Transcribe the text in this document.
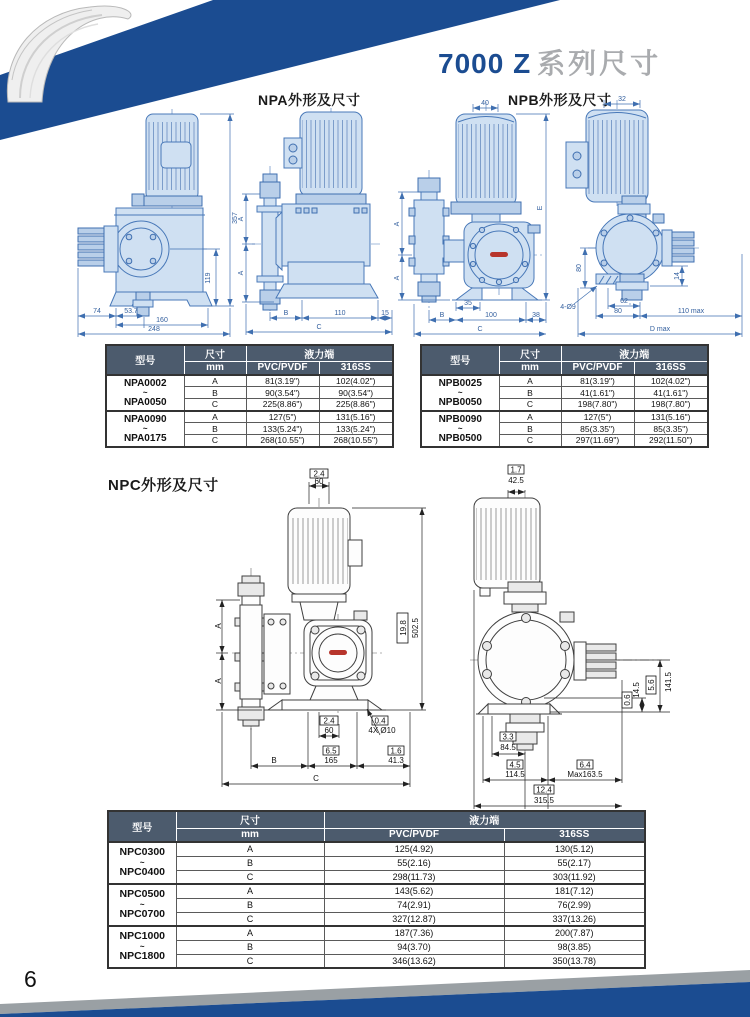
7000 Z 系列尺寸
NPA外形及尺寸	NPB外形及尺寸
NPC外形及尺寸
357
119
74	53.7
160
248
A
A
B	110	15
C
40
A
A
E
35
B	100	38
C
32
80
4-Ø9
14
62
80	110 max
D max
2.4
60
19.8 502.5
A
A
2.4
60
0.4
4X Ø10
B
6.5
165
1.6
41.3
C
1.7
42.5
0.6
14.5 5.6 141.5
3.3
84.5
4.5
114.5
6.4
Max163.5
12.4
315.5
型号	尺寸	液力端	
	mm	PVC/PVDF	316SS

NPA0002
~
NPA0050	A	81(3.19")	102(4.02")
	B	90(3.54")	90(3.54")
	C	225(8.86")	225(8.86")

NPA0090
~
NPA0175	A	127(5")	131(5.16")
	B	133(5.24")	133(5.24")
	C	268(10.55")	268(10.55")
型号	尺寸	液力端	
	mm	PVC/PVDF	316SS

NPB0025
~
NPB0050	A	81(3.19")	102(4.02")
	B	41(1.61")	41(1.61")
	C	198(7.80")	198(7.80")

NPB0090
~
NPB0500	A	127(5")	131(5.16")
	B	85(3.35")	85(3.35")
	C	297(11.69")	292(11.50")
型号	尺寸	液力端	
	mm	PVC/PVDF	316SS

NPC0300
~
NPC0400	A	125(4.92)	130(5.12)
	B	55(2.16)	55(2.17)
	C	298(11.73)	303(11.92)

NPC0500
~
NPC0700	A	143(5.62)	181(7.12)
	B	74(2.91)	76(2.99)
	C	327(12.87)	337(13.26)

NPC1000
~
NPC1800	A	187(7.36)	200(7.87)
	B	94(3.70)	98(3.85)
	C	346(13.62)	350(13.78)
6
